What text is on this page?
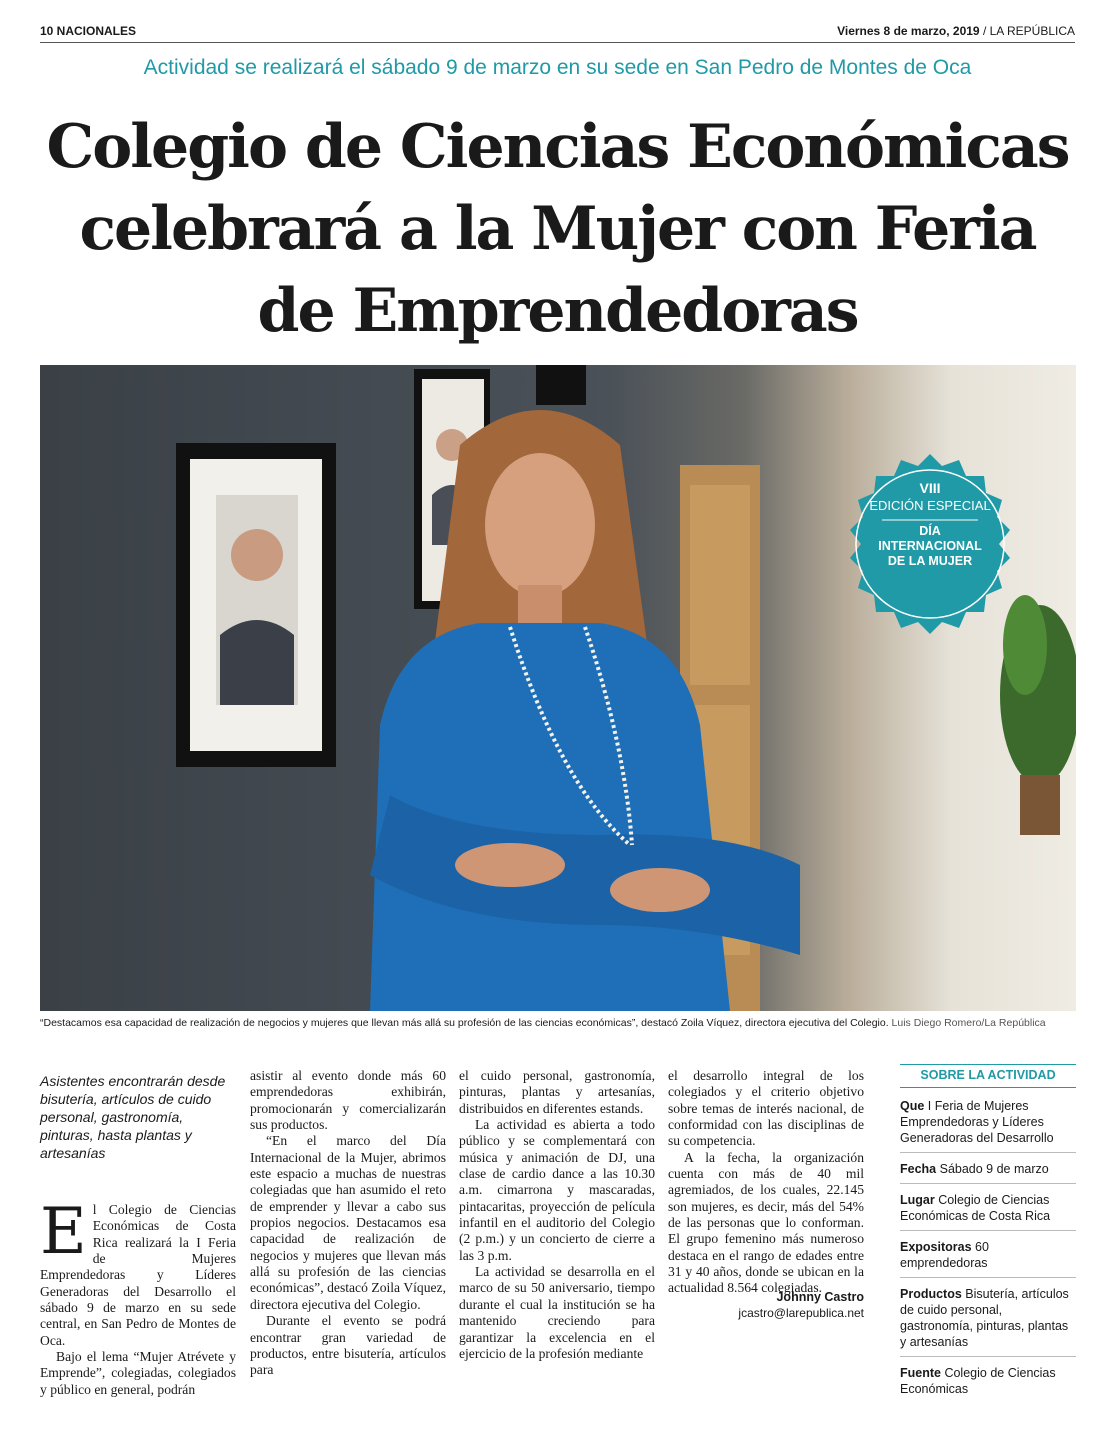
10 NACIONALES	Viernes 8 de marzo, 2019 / LA REPÚBLICA
Actividad se realizará el sábado 9 de marzo en su sede en San Pedro de Montes de Oca
Colegio de Ciencias Económicas
celebrará a la Mujer con Feria
de Emprendedoras
VIII
EDICIÓN ESPECIAL
DÍA INTERNACIONAL DE LA MUJER
“Destacamos esa capacidad de realización de negocios y mujeres que llevan más allá su profesión de las ciencias económicas”, destacó Zoila Víquez, directora ejecutiva del Colegio. Luis Diego Romero/La República
Asistentes encontrarán desde bisutería, artículos de cuido personal, gastronomía, pinturas, hasta plantas y artesanías

El Colegio de Ciencias Económicas de Costa Rica realizará la I Feria de Mujeres Emprendedoras y Líderes Generadoras del Desarrollo el sábado 9 de marzo en su sede central, en San Pedro de Montes de Oca.

Bajo el lema “Mujer Atrévete y Emprende”, colegiadas, colegiados y público en general, podrán

asistir al evento donde más 60 emprendedoras exhibirán, promocionarán y comercializarán sus productos.

“En el marco del Día Internacional de la Mujer, abrimos este espacio a muchas de nuestras colegiadas que han asumido el reto de emprender y llevar a cabo sus propios negocios. Destacamos esa capacidad de realización de negocios y mujeres que llevan más allá su profesión de las ciencias económicas”, destacó Zoila Víquez, directora ejecutiva del Colegio.

Durante el evento se podrá encontrar gran variedad de productos, entre bisutería, artículos para

el cuido personal, gastronomía, pinturas, plantas y artesanías, distribuidos en diferentes estands.

La actividad es abierta a todo público y se complementará con música y animación de DJ, una clase de cardio dance a las 10.30 a.m. cimarrona y mascaradas, pintacaritas, proyección de película infantil en el auditorio del Colegio (2 p.m.) y un concierto de cierre a las 3 p.m.

La actividad se desarrolla en el marco de su 50 aniversario, tiempo durante el cual la institución se ha mantenido creciendo para garantizar la excelencia en el ejercicio de la profesión mediante

el desarrollo integral de los colegiados y el criterio objetivo sobre temas de interés nacional, de conformidad con las disciplinas de su competencia.

A la fecha, la organización cuenta con más de 40 mil agremiados, de los cuales, 22.145 son mujeres, es decir, más del 54% de las personas que lo conforman. El grupo femenino más numeroso destaca en el rango de edades entre 31 y 40 años, donde se ubican en la actualidad 8.564 colegiadas.

Johnny Castro
jcastro@larepublica.net
SOBRE LA ACTIVIDAD
Que I Feria de Mujeres Emprendedoras y Líderes Generadoras del Desarrollo
Fecha Sábado 9 de marzo
Lugar Colegio de Ciencias Económicas de Costa Rica
Expositoras 60 emprendedoras
Productos Bisutería, artículos de cuido personal, gastronomía, pinturas, plantas y artesanías
Fuente Colegio de Ciencias Económicas
